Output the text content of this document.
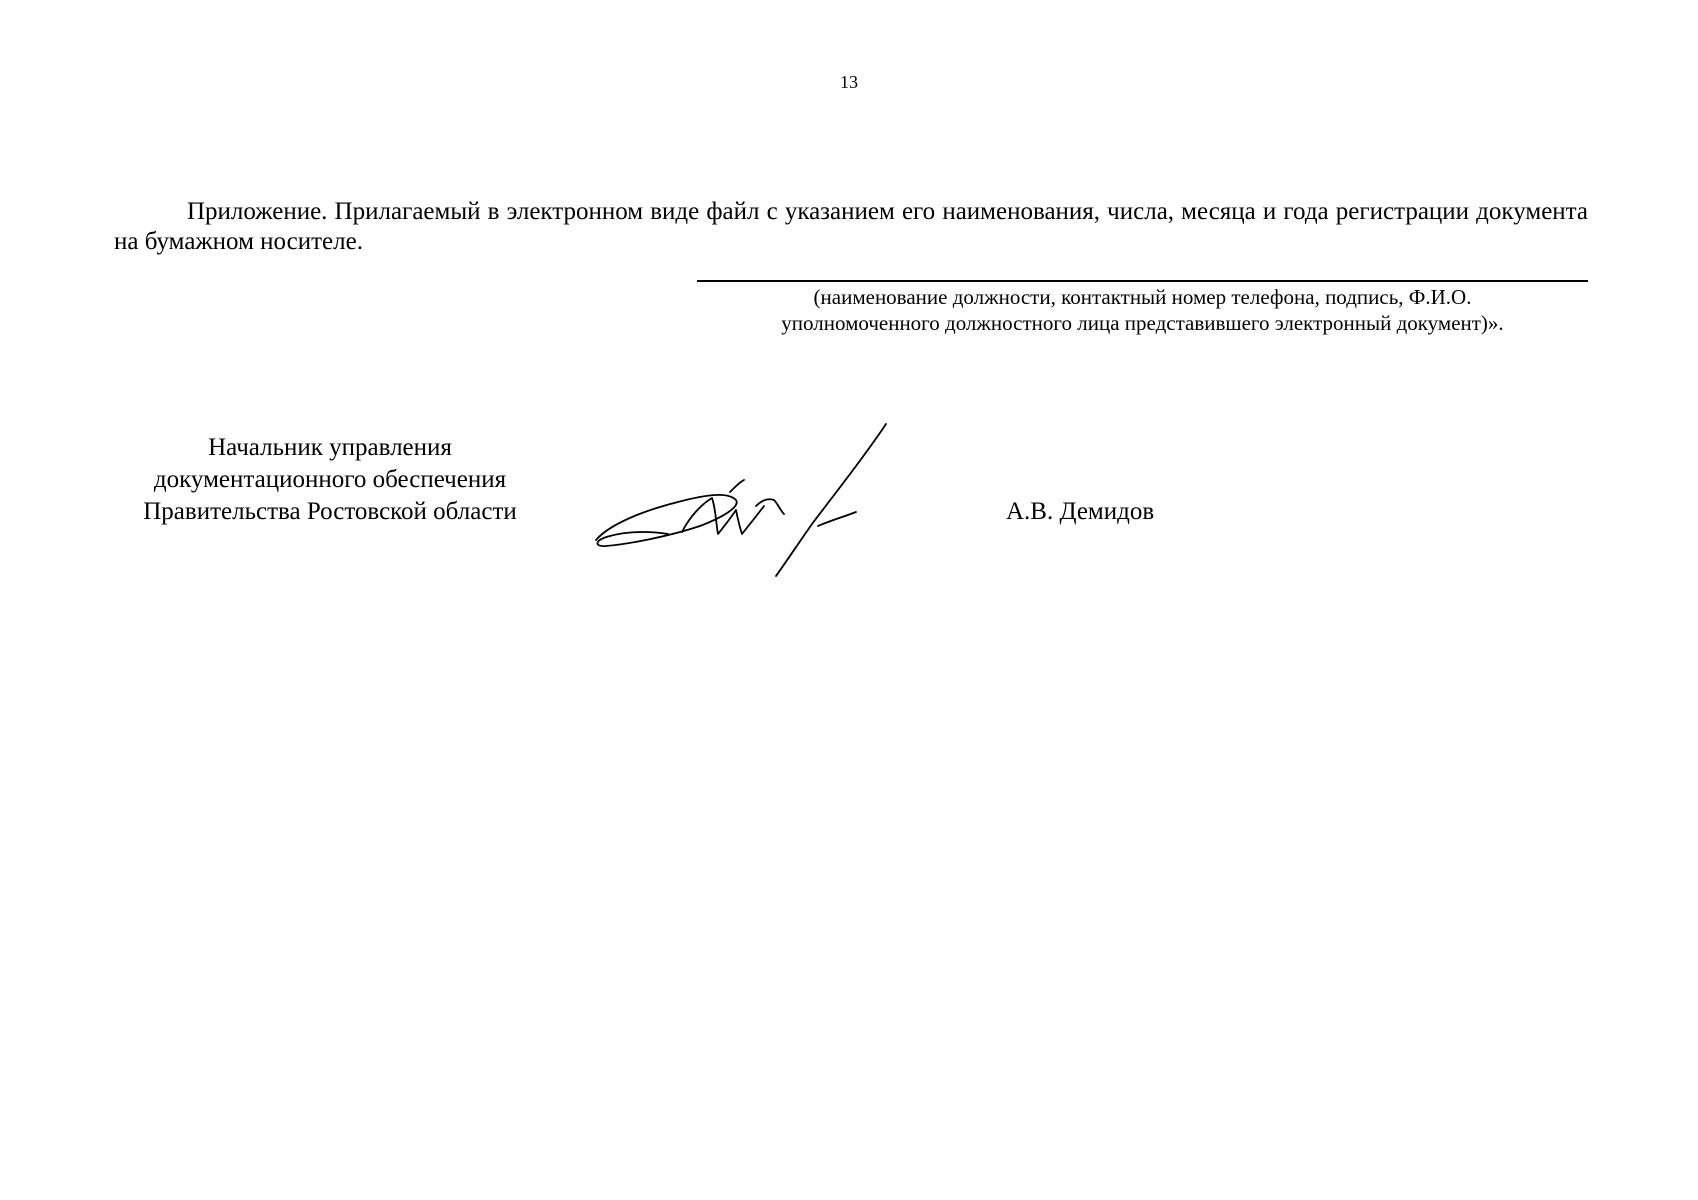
13

Приложение. Прилагаемый в электронном виде файл с указанием его наименования, числа, месяца и года регистрации документа на бумажном носителе.

(наименование должности, контактный номер телефона, подпись, Ф.И.О.
уполномоченного должностного лица представившего электронный документ)».
Начальник управления
документационного обеспечения
Правительства Ростовской области	А.В. Демидов
